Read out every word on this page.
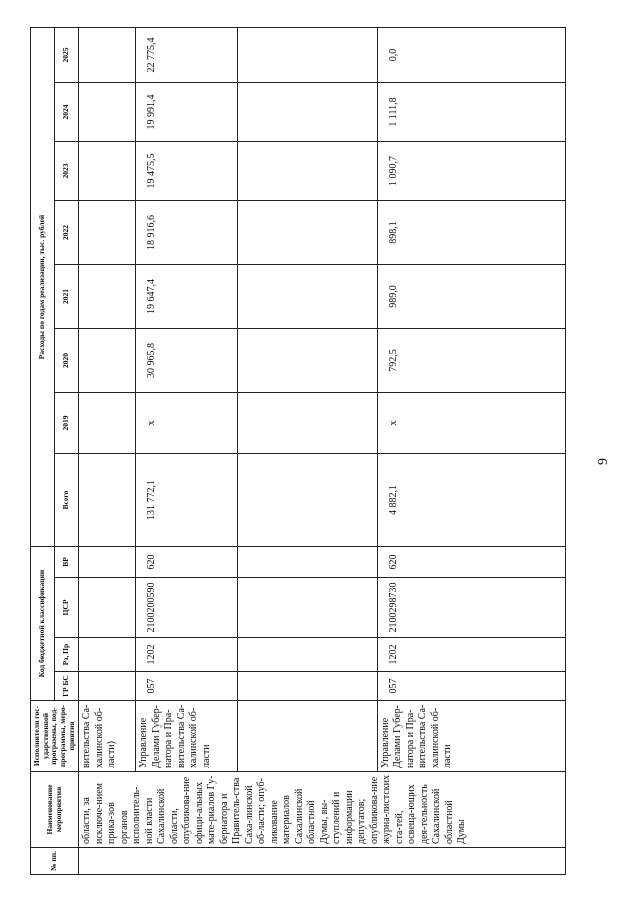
№ пп.	Наименование мероприятия	Исполнители гос-ударственной программы, под-программы, меро-приятия	Код бюджетной классификации				Расходы по годам реализации, тыс. рублей							
			ГР БС	Рз, Пр	ЦСР	ВР	Всего	2019	2020	2021	2022	2023	2024	2025
	области, за исключе-нием прика-зов органов исполнитель-ной власти Сахалинской области, опубликова-ние офици-альных мате-риалов Гу-бернатора и Правитель-ства Саха-линской об-ласти; опуб-ликование материалов Сахалинской областной Думы, вы-ступлений и информации депутатов; опубликова-ние журна-листских ста-тей, освеща-ющих дея-тельность Сахалинской областной Думы	вительства Са-халинской об-ласти)												
		Управление Делами Губер-натора и Пра-вительства Са-халинской об-ласти	057	1202	2100200590	620	131 772,1	х	30 965,8	19 647,4	18 916,6	19 475,5	19 991,4	22 775,4

		Управление Делами Губер-натора и Пра-вительства Са-халинской об-ласти	057	1202	2100298730	620	4 882,1	х	792,5	989,0	898,1	1 090,7	1 111,8	0,0
9
